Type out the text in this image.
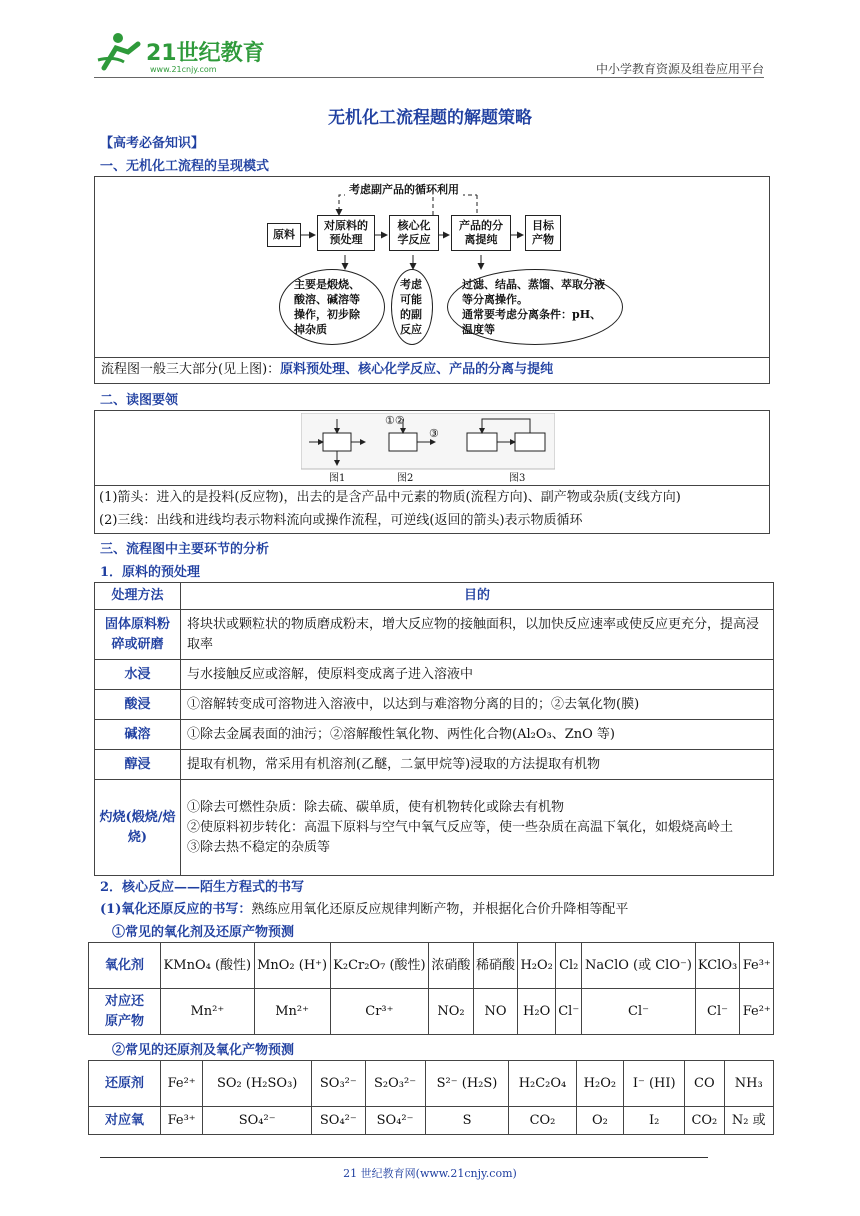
21世纪教育
www.21cnjy.com	中小学教育资源及组卷应用平台
无机化工流程题的解题策略
【高考必备知识】
一、无机化工流程的呈现模式
考虑副产品的循环利用
原料
对原料的预处理
核心化学反应
产品的分离提纯
目标产物
主要是煅烧、酸溶、碱溶等操作，初步除掉杂质
考虑可能的副反应
过滤、结晶、蒸馏、萃取分液等分离操作。
通常要考虑分离条件：pH、温度等
流程图一般三大部分(见上图)：原料预处理、核心化学反应、产品的分离与提纯
二、读图要领
①②
③
图1	图2	图3
(1)箭头：进入的是投料(反应物)，出去的是含产品中元素的物质(流程方向)、副产物或杂质(支线方向)
(2)三线：出线和进线均表示物料流向或操作流程，可逆线(返回的箭头)表示物质循环
三、流程图中主要环节的分析
1．原料的预处理
处理方法	目的
固体原料粉碎或研磨	将块状或颗粒状的物质磨成粉末，增大反应物的接触面积，以加快反应速率或使反应更充分，提高浸取率
水浸	与水接触反应或溶解，使原料变成离子进入溶液中
酸浸	①溶解转变成可溶物进入溶液中，以达到与难溶物分离的目的；②去氧化物(膜)
碱溶	①除去金属表面的油污；②溶解酸性氧化物、两性化合物(Al₂O₃、ZnO 等)
醇浸	提取有机物，常采用有机溶剂(乙醚，二氯甲烷等)浸取的方法提取有机物
灼烧(煅烧/焙烧)	①除去可燃性杂质：除去硫、碳单质，使有机物转化或除去有机物
②使原料初步转化：高温下原料与空气中氧气反应等，使一些杂质在高温下氧化，如煅烧高岭土
③除去热不稳定的杂质等
2．核心反应——陌生方程式的书写
(1)氧化还原反应的书写：熟练应用氧化还原反应规律判断产物，并根据化合价升降相等配平
①常见的氧化剂及还原产物预测
氧化剂	KMnO₄ (酸性)	MnO₂ (H⁺)	K₂Cr₂O₇ (酸性)	浓硝酸	稀硝酸	H₂O₂	Cl₂	NaClO (或 ClO⁻)	KClO₃	Fe³⁺
对应还原产物	Mn²⁺	Mn²⁺	Cr³⁺	NO₂	NO	H₂O	Cl⁻	Cl⁻	Cl⁻	Fe²⁺
②常见的还原剂及氧化产物预测
还原剂	Fe²⁺	SO₂ (H₂SO₃)	SO₃²⁻	S₂O₃²⁻	S²⁻ (H₂S)	H₂C₂O₄	H₂O₂	I⁻ (HI)	CO	NH₃
对应氧	Fe³⁺	SO₄²⁻	SO₄²⁻	SO₄²⁻	S	CO₂	O₂	I₂	CO₂	N₂ 或
21 世纪教育网(www.21cnjy.com)
